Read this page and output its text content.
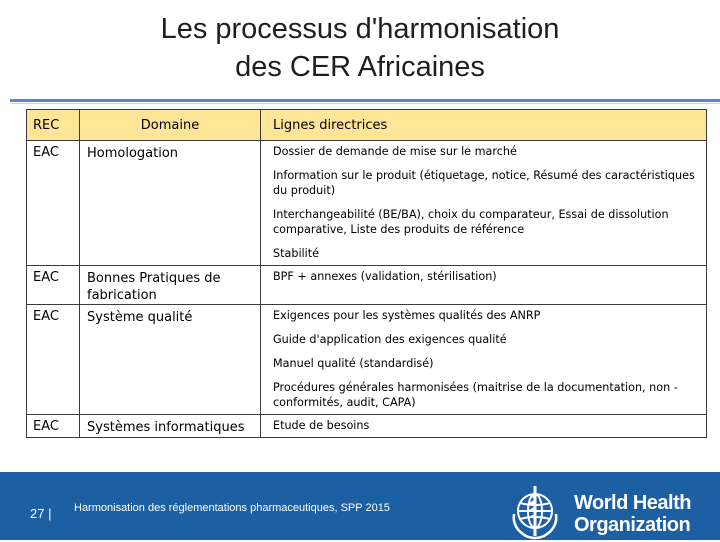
Les processus d'harmonisation
des CER Africaines
REC	Domaine	Lignes directrices
EAC	Homologation	Dossier de demande de mise sur le marché
Information sur le produit (étiquetage, notice, Résumé des caractéristiques du produit)
Interchangeabilité (BE/BA), choix du comparateur, Essai de dissolution comparative, Liste des produits de référence
Stabilité

EAC	Bonnes Pratiques de fabrication	BPF + annexes (validation, stérilisation)

EAC	Système qualité	Exigences pour les systèmes qualités des ANRP
Guide d'application des exigences qualité
Manuel qualité (standardisé)
Procédures générales harmonisées (maitrise de la documentation, non -conformités, audit, CAPA)

EAC	Systèmes informatiques	Etude de besoins
27 | Harmonisation des réglementations pharmaceutiques, SPP 2015	World Health
Organization
